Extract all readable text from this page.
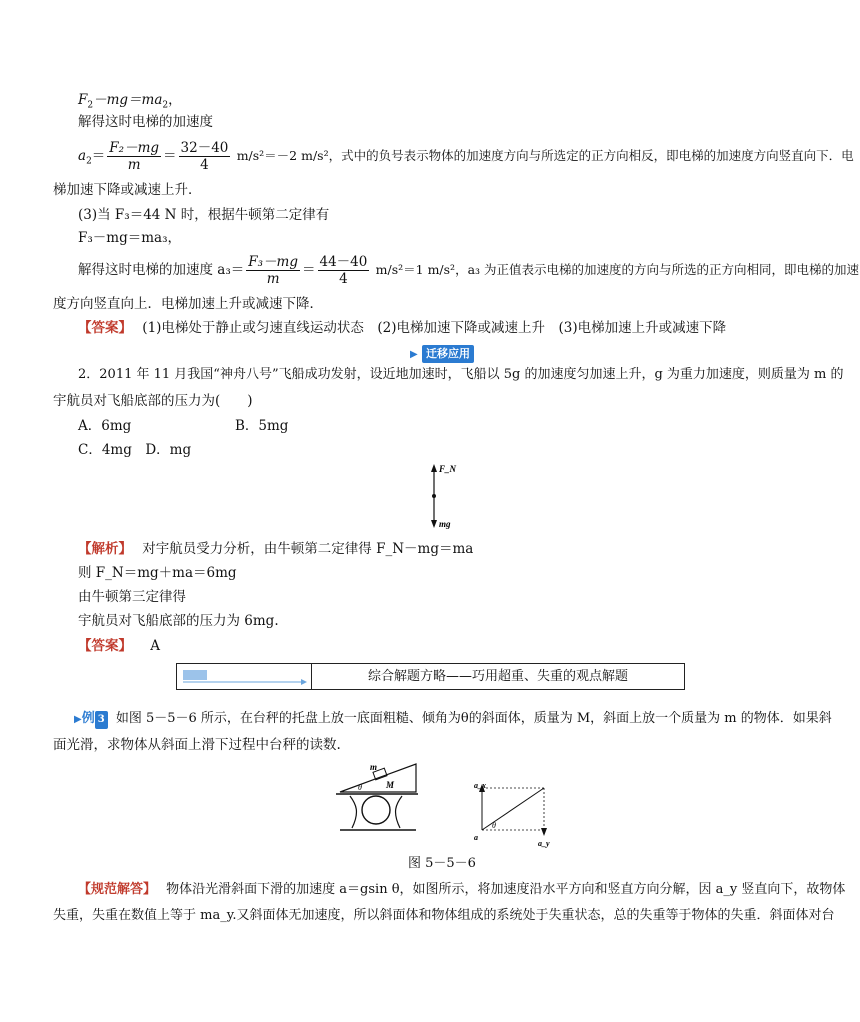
$F_2-mg=ma_2$，
解得这时电梯的加速度
$a_2= \frac{\text{F₂－mg}}{m} = \frac{32-40}{4} m/s^2=-2$ m/s²，式中的负号表示物体的加速度方向与所选定的正方向相反，即电梯的加速度方向竖直向下．电
梯加速下降或减速上升．
(3)当 F₃＝44 N 时，根据牛顿第二定律有
F₃－mg＝ma₃，
解得这时电梯的加速度 $a_3= \frac{\text{F₃－mg}}{m} = \frac{44-40}{4} m/s^2=1$ m/s²，a₃ 为正值表示电梯的加速度的方向与所选的正方向相同，即电梯的加速
度方向竖直向上．电梯加速上升或减速下降．
【答案】 (1)电梯处于静止或匀速直线运动状态　(2)电梯加速下降或减速上升　(3)电梯加速上升或减速下降
▶ 迁移应用
2．2011 年 11 月我国“神舟八号”飞船成功发射，设近地加速时，飞船以 5g 的加速度匀加速上升，g 为重力加速度，则质量为 m 的
宇航员对飞船底部的压力为(　　)
A．6mg	B．5mg
C．4mg　D．mg
F_N
mg
【解析】 对宇航员受力分析，由牛顿第二定律得 F_N－mg＝ma
则 F_N＝mg＋ma＝6mg
由牛顿第三定律得
宇航员对飞船底部的压力为 6mg.
【答案】 A
综合解题方略——巧用超重、失重的观点解题
▶例 3 如图 5－5－6 所示，在台秤的托盘上放一底面粗糙、倾角为θ的斜面体，质量为 M，斜面上放一个质量为 m 的物体．如果斜
面光滑，求物体从斜面上滑下过程中台秤的读数.
m
M
θ	a_x
a
θ
a_y
图 5－5－6
【规范解答】 物体沿光滑斜面下滑的加速度 a＝gsin θ，如图所示，将加速度沿水平方向和竖直方向分解，因 a_y 竖直向下，故物体
失重，失重在数值上等于 ma_y.又斜面体无加速度，所以斜面体和物体组成的系统处于失重状态，总的失重等于物体的失重．斜面体对台
